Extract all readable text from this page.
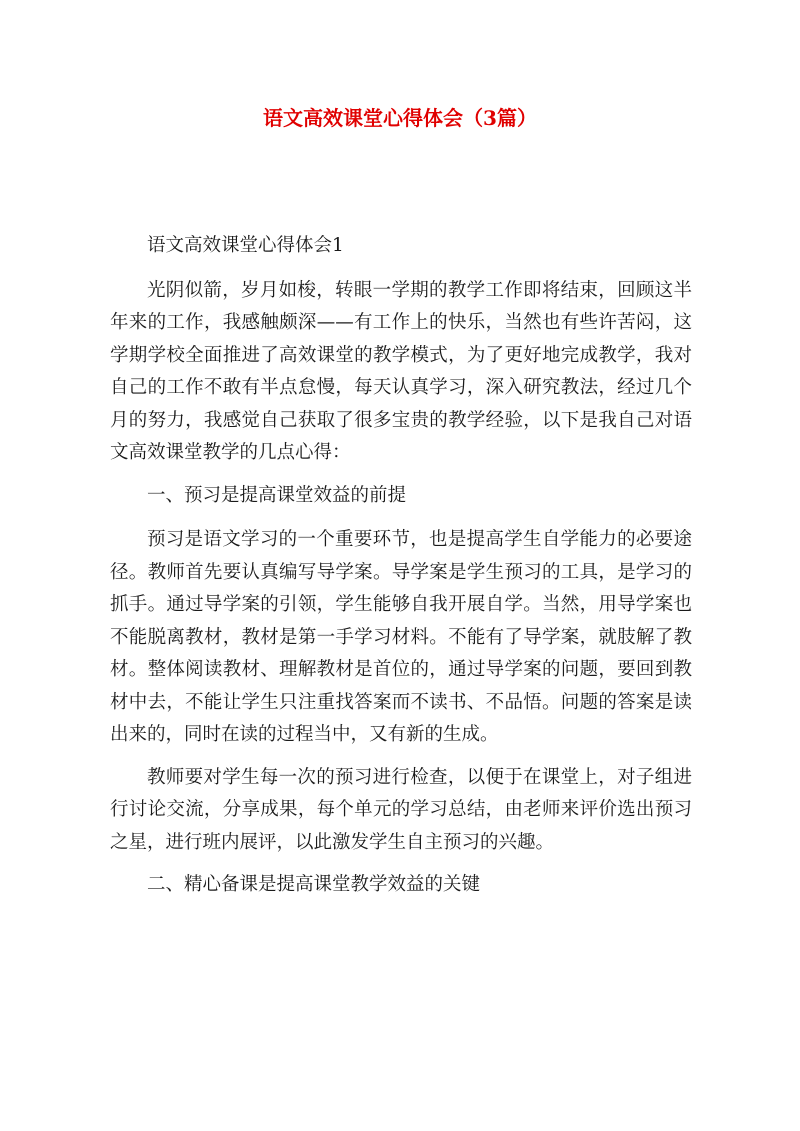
语文高效课堂心得体会（3篇）

语文高效课堂心得体会1

光阴似箭，岁月如梭，转眼一学期的教学工作即将结束，回顾这半年来的工作，我感触颇深——有工作上的快乐，当然也有些许苦闷，这学期学校全面推进了高效课堂的教学模式，为了更好地完成教学，我对自己的工作不敢有半点怠慢，每天认真学习，深入研究教法，经过几个月的努力，我感觉自己获取了很多宝贵的教学经验，以下是我自己对语文高效课堂教学的几点心得：

一、预习是提高课堂效益的前提

预习是语文学习的一个重要环节，也是提高学生自学能力的必要途径。教师首先要认真编写导学案。导学案是学生预习的工具，是学习的抓手。通过导学案的引领，学生能够自我开展自学。当然，用导学案也不能脱离教材，教材是第一手学习材料。不能有了导学案，就肢解了教材。整体阅读教材、理解教材是首位的，通过导学案的问题，要回到教材中去，不能让学生只注重找答案而不读书、不品悟。问题的答案是读出来的，同时在读的过程当中，又有新的生成。

教师要对学生每一次的预习进行检查，以便于在课堂上，对子组进行讨论交流，分享成果，每个单元的学习总结，由老师来评价选出预习之星，进行班内展评，以此激发学生自主预习的兴趣。

二、精心备课是提高课堂教学效益的关键
